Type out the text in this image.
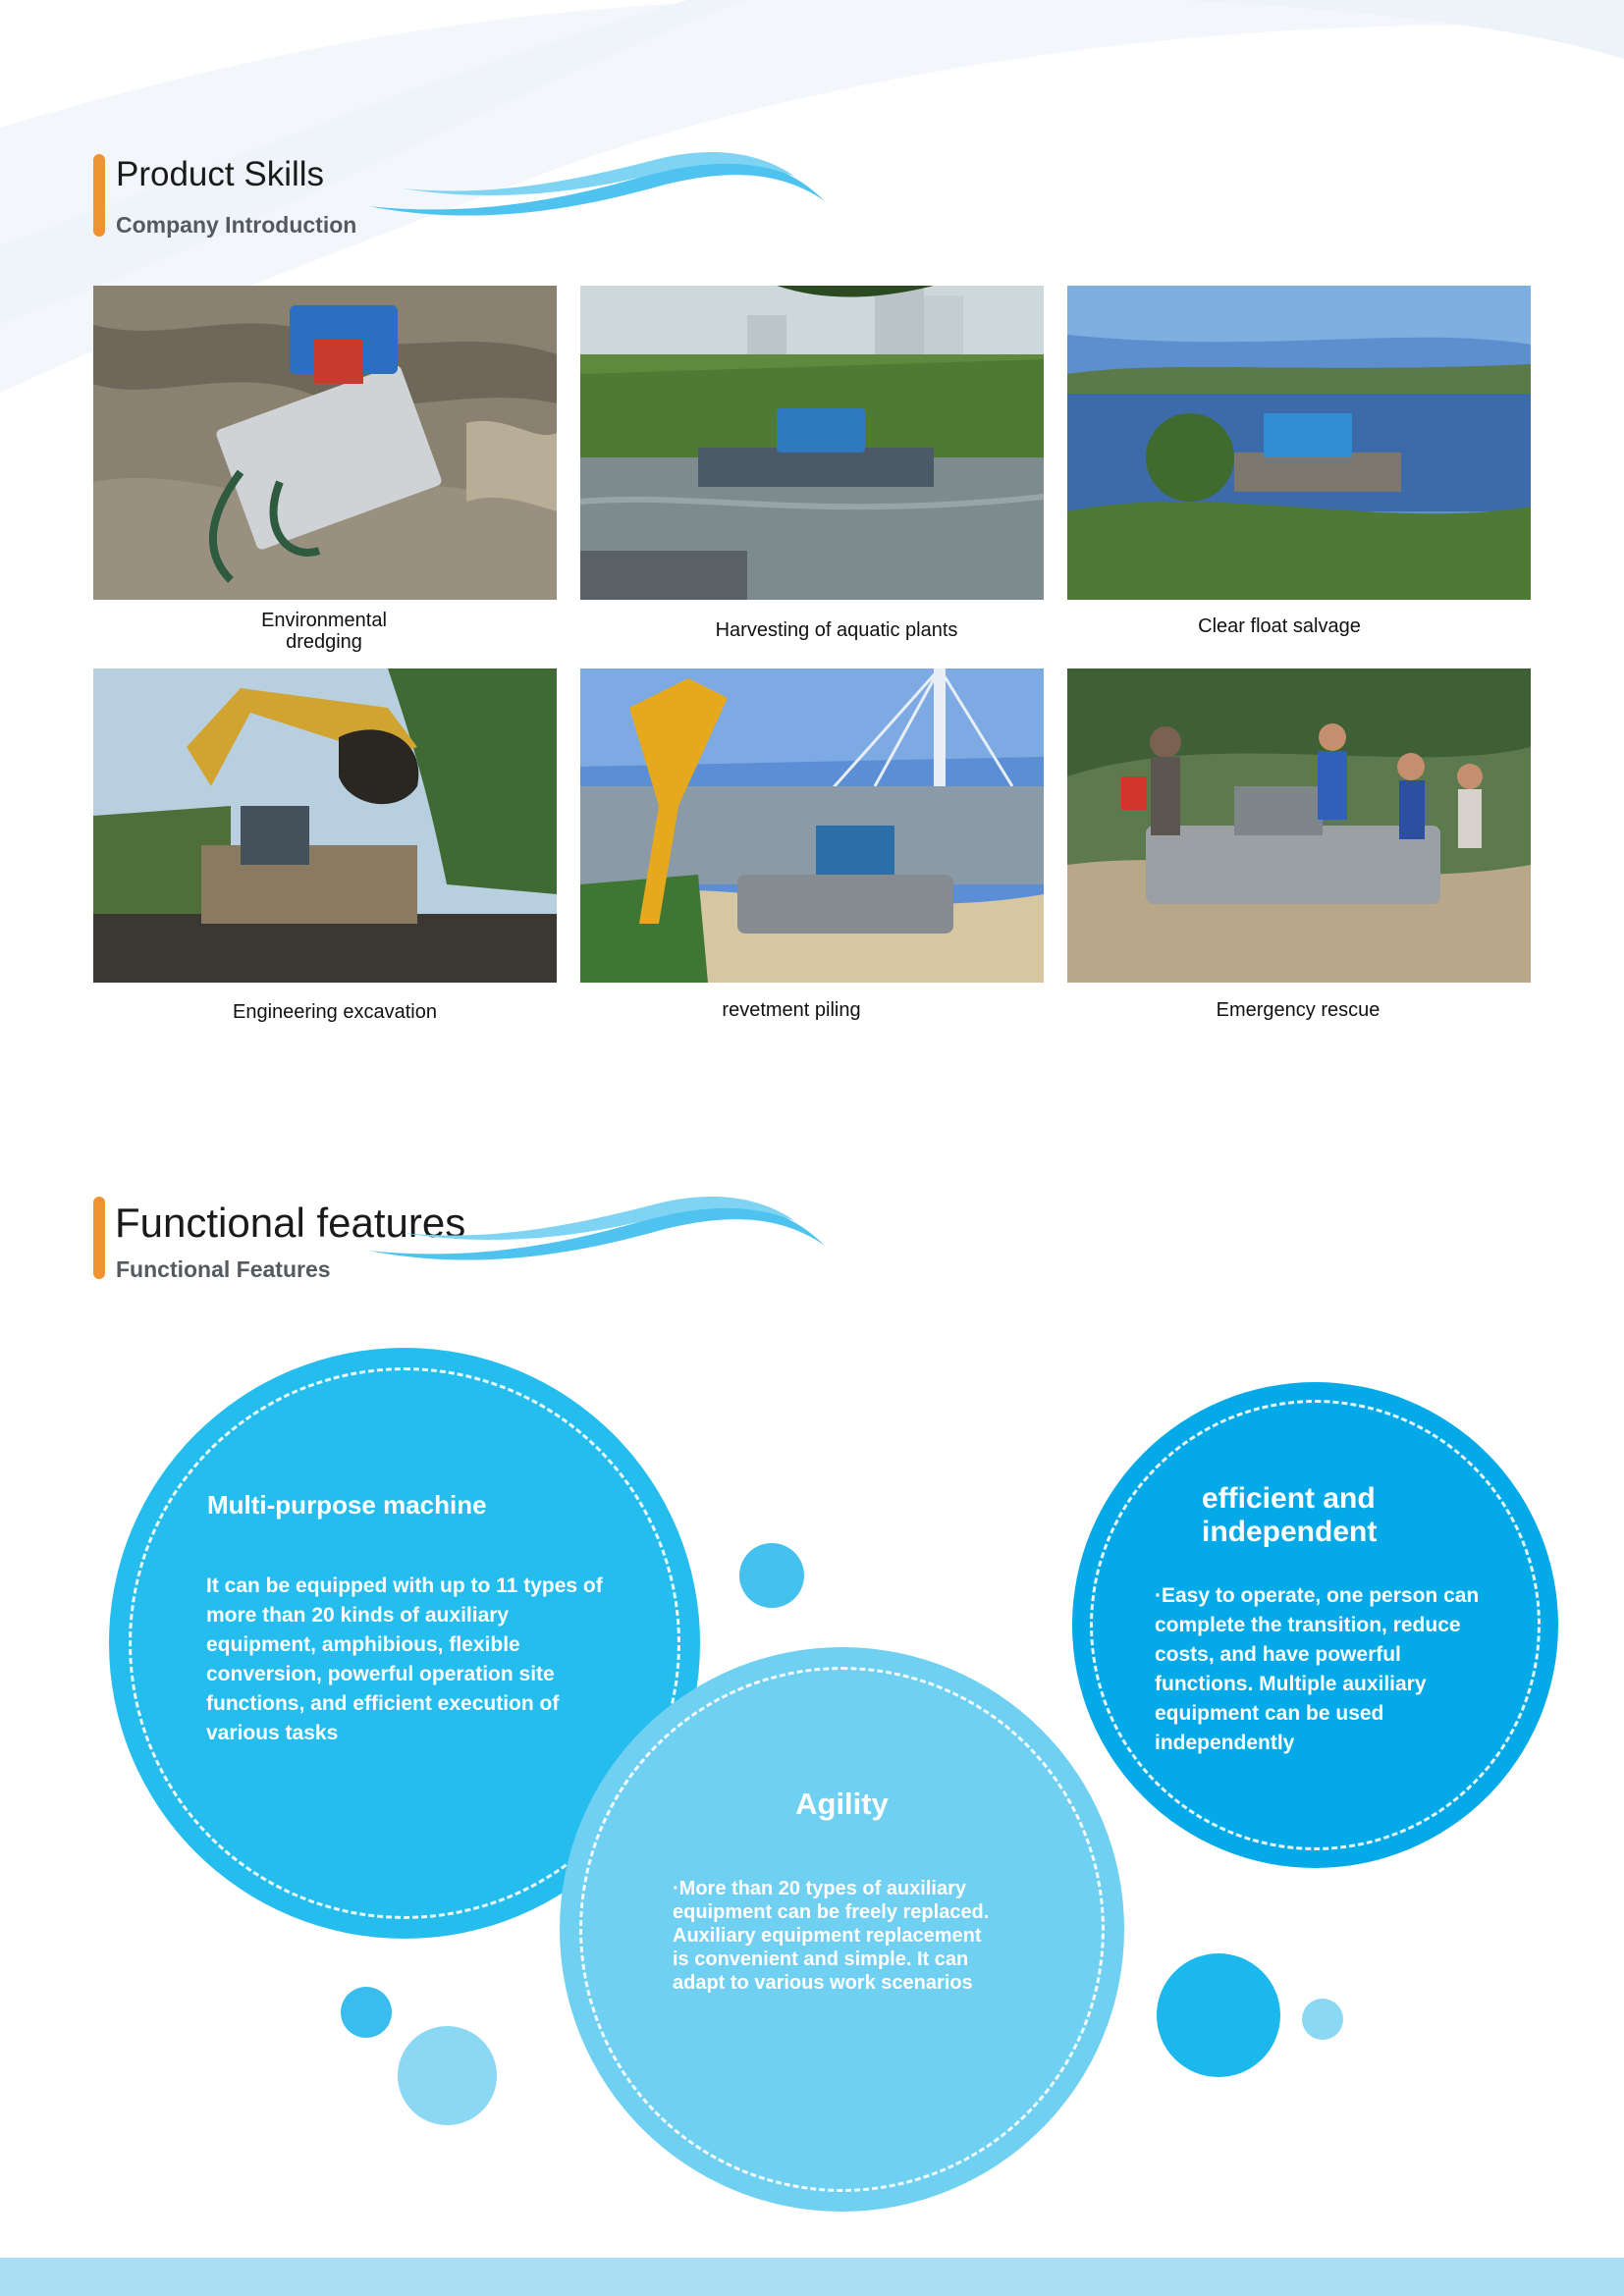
Product Skills
Company Introduction
Environmental dredging
Harvesting of aquatic plants	Clear float salvage
Engineering excavation	revetment piling	Emergency rescue
Functional features
Functional Features
Multi-purpose machine
It can be equipped with up to 11 types of more than 20 kinds of auxiliary equipment, amphibious, flexible conversion, powerful operation site functions, and efficient execution of various tasks
efficient and independent
·Easy to operate, one person can complete the transition, reduce costs, and have powerful functions. Multiple auxiliary equipment can be used independently
Agility
·More than 20 types of auxiliary equipment can be freely replaced. Auxiliary equipment replacement is convenient and simple. It can adapt to various work scenarios
